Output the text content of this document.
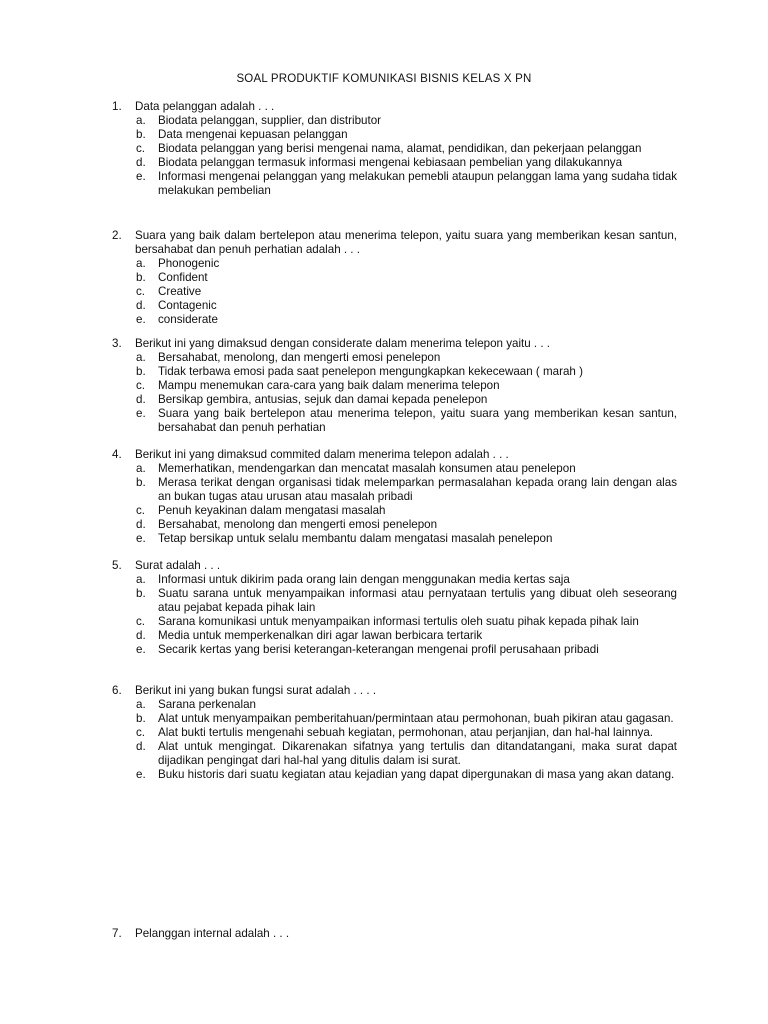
SOAL PRODUKTIF KOMUNIKASI BISNIS KELAS X PN
1. Data pelanggan adalah . . .
a. Biodata pelanggan, supplier, dan distributor
b. Data mengenai kepuasan pelanggan
c. Biodata pelanggan yang berisi mengenai nama, alamat, pendidikan, dan pekerjaan pelanggan
d. Biodata pelanggan termasuk informasi mengenai kebiasaan pembelian yang dilakukannya
e. Informasi mengenai pelanggan yang melakukan pemebli ataupun pelanggan lama yang sudaha tidak melakukan pembelian
2. Suara yang baik dalam bertelepon atau menerima telepon, yaitu suara yang memberikan kesan santun, bersahabat dan penuh perhatian adalah . . .
a. Phonogenic
b. Confident
c. Creative
d. Contagenic
e. considerate
3. Berikut ini yang dimaksud dengan considerate dalam menerima telepon yaitu . . .
a. Bersahabat, menolong, dan mengerti emosi penelepon
b. Tidak terbawa emosi pada saat penelepon mengungkapkan kekecewaan ( marah )
c. Mampu menemukan cara-cara yang baik dalam menerima telepon
d. Bersikap gembira, antusias, sejuk dan damai kepada penelepon
e. Suara yang baik bertelepon atau menerima telepon, yaitu suara yang memberikan kesan santun, bersahabat dan penuh perhatian
4. Berikut ini yang dimaksud commited dalam menerima telepon adalah . . .
a. Memerhatikan, mendengarkan dan mencatat masalah konsumen atau penelepon
b. Merasa terikat dengan organisasi tidak melemparkan permasalahan kepada orang lain dengan alas an bukan tugas atau urusan atau masalah pribadi
c. Penuh keyakinan dalam mengatasi masalah
d. Bersahabat, menolong dan mengerti emosi penelepon
e. Tetap bersikap untuk selalu membantu dalam mengatasi masalah penelepon
5. Surat adalah . . .
a. Informasi untuk dikirim pada orang lain dengan menggunakan media kertas saja
b. Suatu sarana untuk menyampaikan informasi atau pernyataan tertulis yang dibuat oleh seseorang atau pejabat kepada pihak lain
c. Sarana komunikasi untuk menyampaikan informasi tertulis oleh suatu pihak kepada pihak lain
d. Media untuk memperkenalkan diri agar lawan berbicara tertarik
e. Secarik kertas yang berisi keterangan-keterangan mengenai profil perusahaan pribadi
6. Berikut ini yang bukan fungsi surat adalah . . . .
a. Sarana perkenalan
b. Alat untuk menyampaikan pemberitahuan/permintaan atau permohonan, buah pikiran atau gagasan.
c. Alat bukti tertulis mengenahi sebuah kegiatan, permohonan, atau perjanjian, dan hal-hal lainnya.
d. Alat untuk mengingat. Dikarenakan sifatnya yang tertulis dan ditandatangani, maka surat dapat dijadikan pengingat dari hal-hal yang ditulis dalam isi surat.
e. Buku historis dari suatu kegiatan atau kejadian yang dapat dipergunakan di masa yang akan datang.
7. Pelanggan internal adalah . . .
